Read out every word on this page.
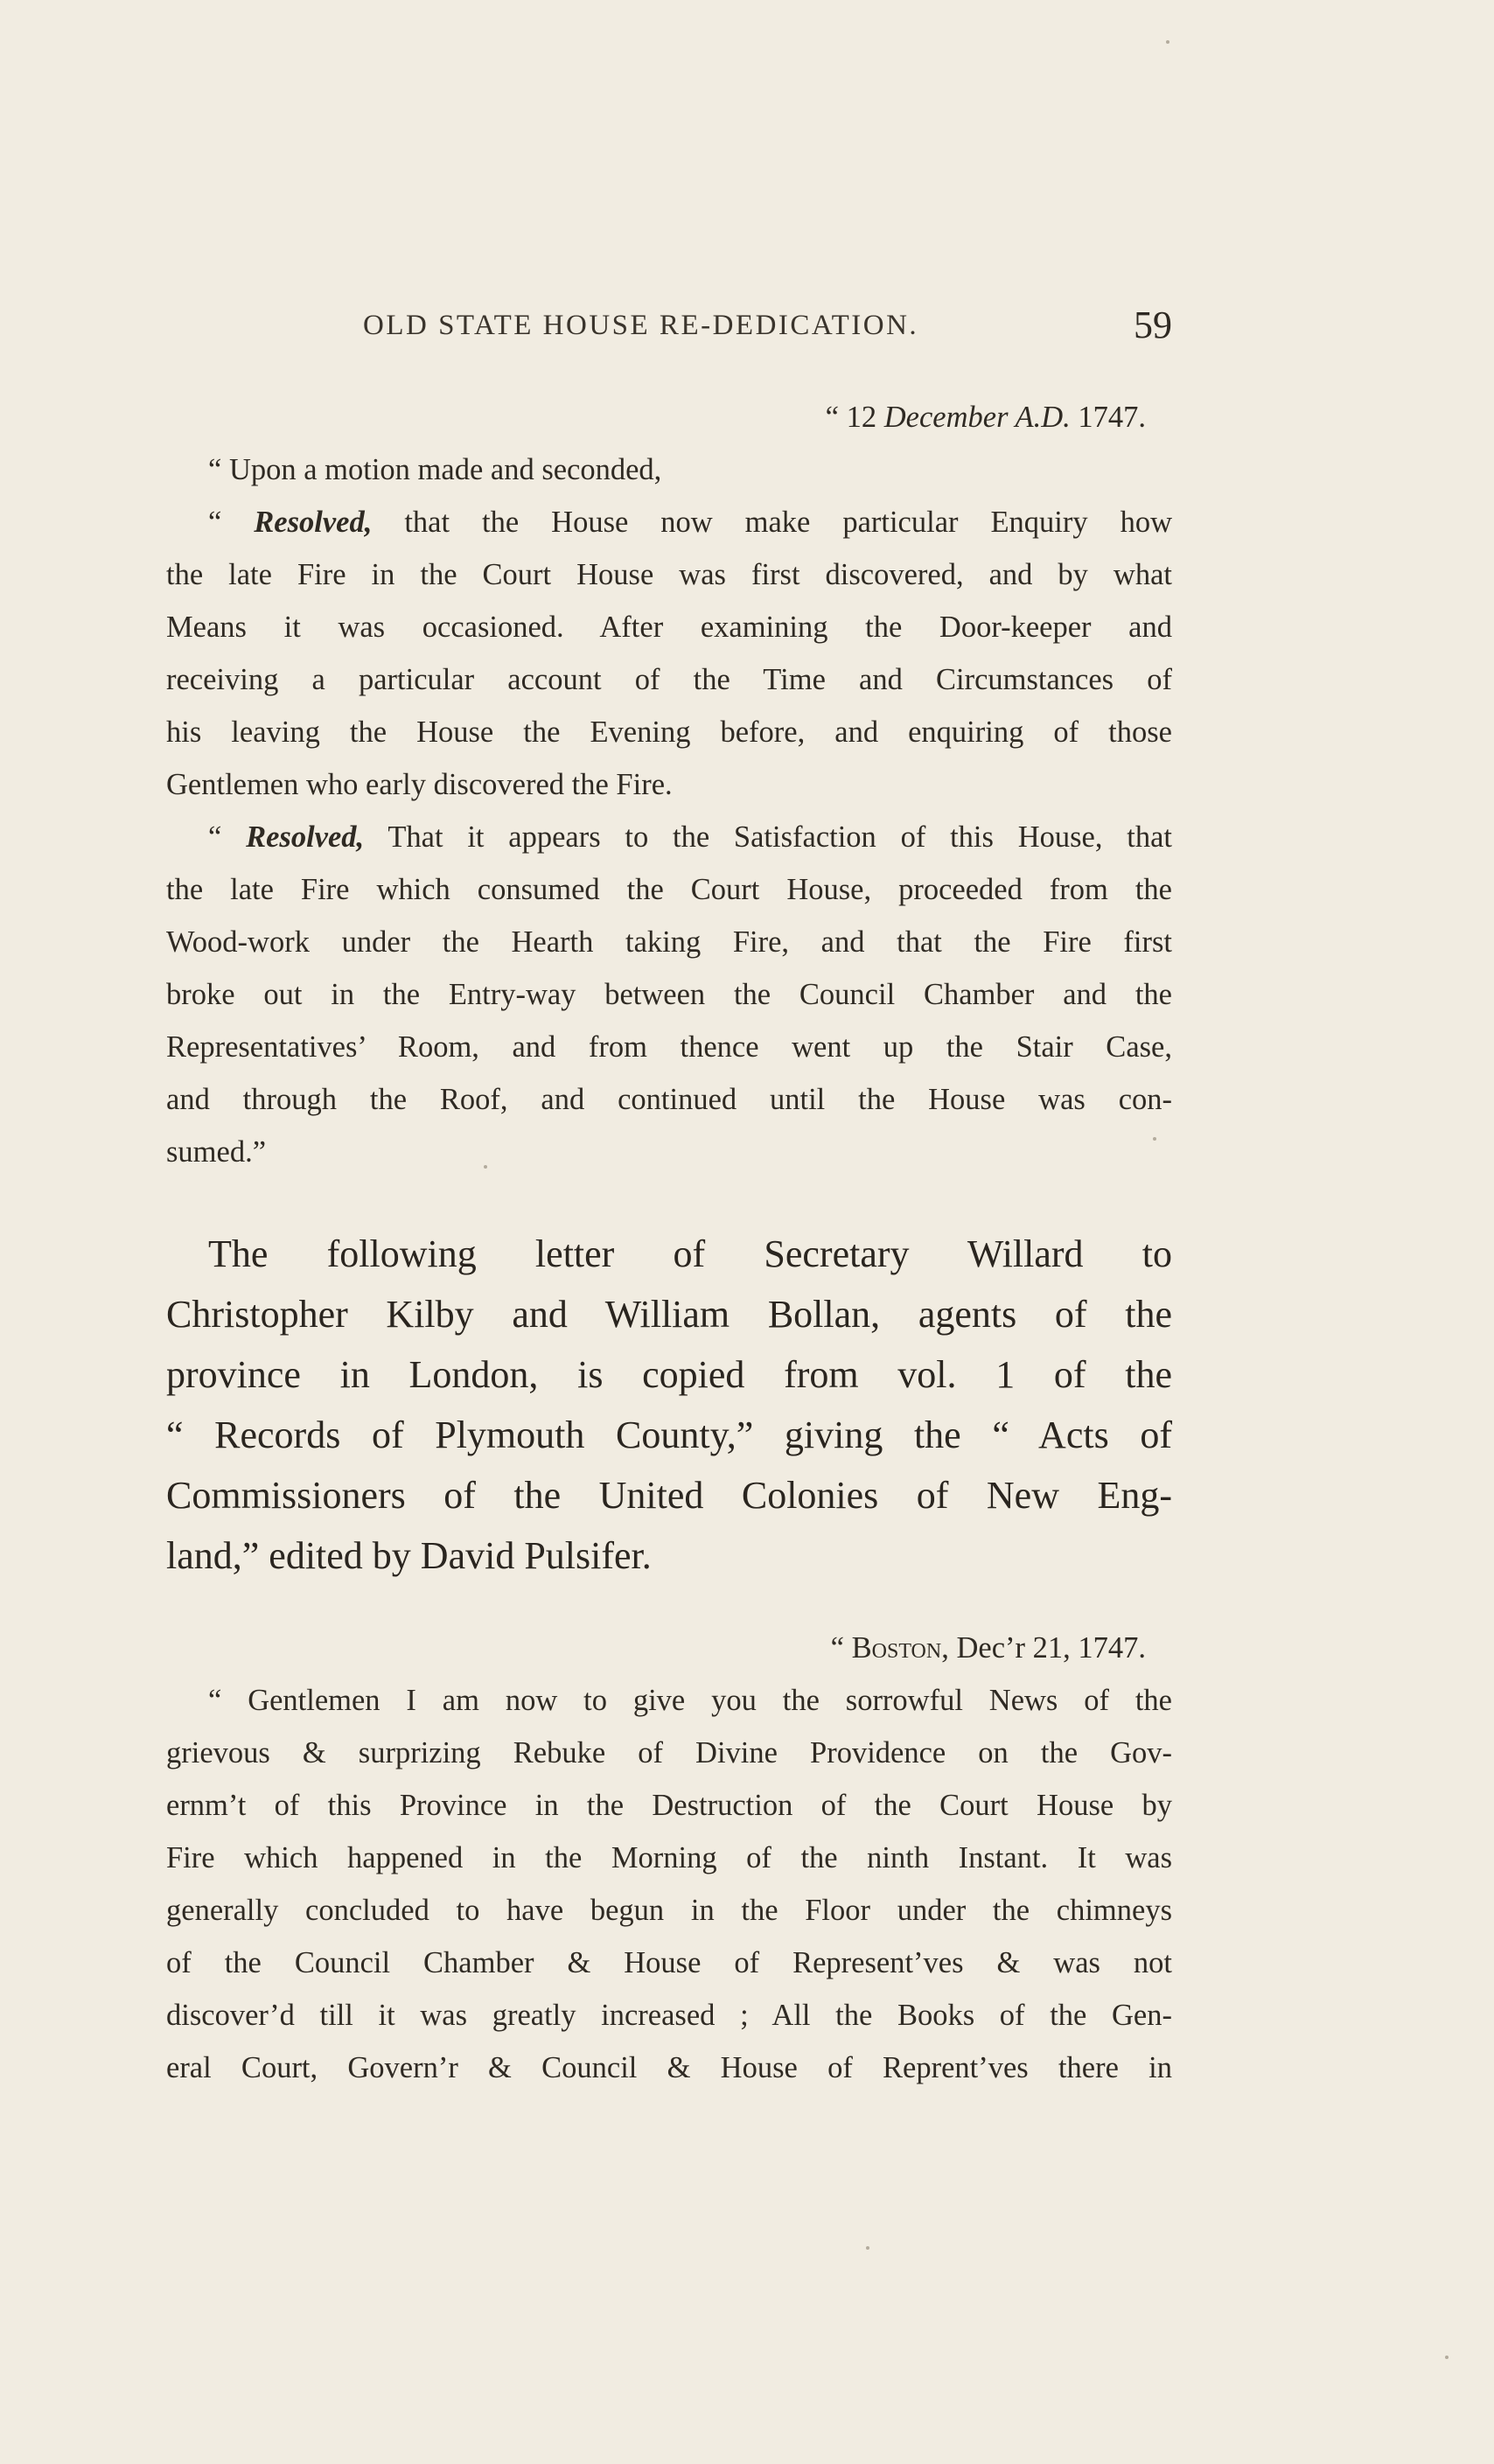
OLD STATE HOUSE RE-DEDICATION.	59
“ 12 December A.D. 1747.
“ Upon a motion made and seconded,
“ Resolved, that the House now make particular Enquiry how
the late Fire in the Court House was first discovered, and by what
Means it was occasioned. After examining the Door-keeper and
receiving a particular account of the Time and Circumstances of
his leaving the House the Evening before, and enquiring of those
Gentlemen who early discovered the Fire.
“ Resolved, That it appears to the Satisfaction of this House, that
the late Fire which consumed the Court House, proceeded from the
Wood-work under the Hearth taking Fire, and that the Fire first
broke out in the Entry-way between the Council Chamber and the
Representatives’ Room, and from thence went up the Stair Case,
and through the Roof, and continued until the House was con-
sumed.”
The following letter of Secretary Willard to
Christopher Kilby and William Bollan, agents of the
province in London, is copied from vol. 1 of the
“ Records of Plymouth County,” giving the “ Acts of
Commissioners of the United Colonies of New Eng-
land,” edited by David Pulsifer.
“ Boston, Dec’r 21, 1747.
“ Gentlemen I am now to give you the sorrowful News of the
grievous & surprizing Rebuke of Divine Providence on the Gov-
ernm’t of this Province in the Destruction of the Court House by
Fire which happened in the Morning of the ninth Instant. It was
generally concluded to have begun in the Floor under the chimneys
of the Council Chamber & House of Represent’ves & was not
discover’d till it was greatly increased ; All the Books of the Gen-
eral Court, Govern’r & Council & House of Reprent’ves there in
